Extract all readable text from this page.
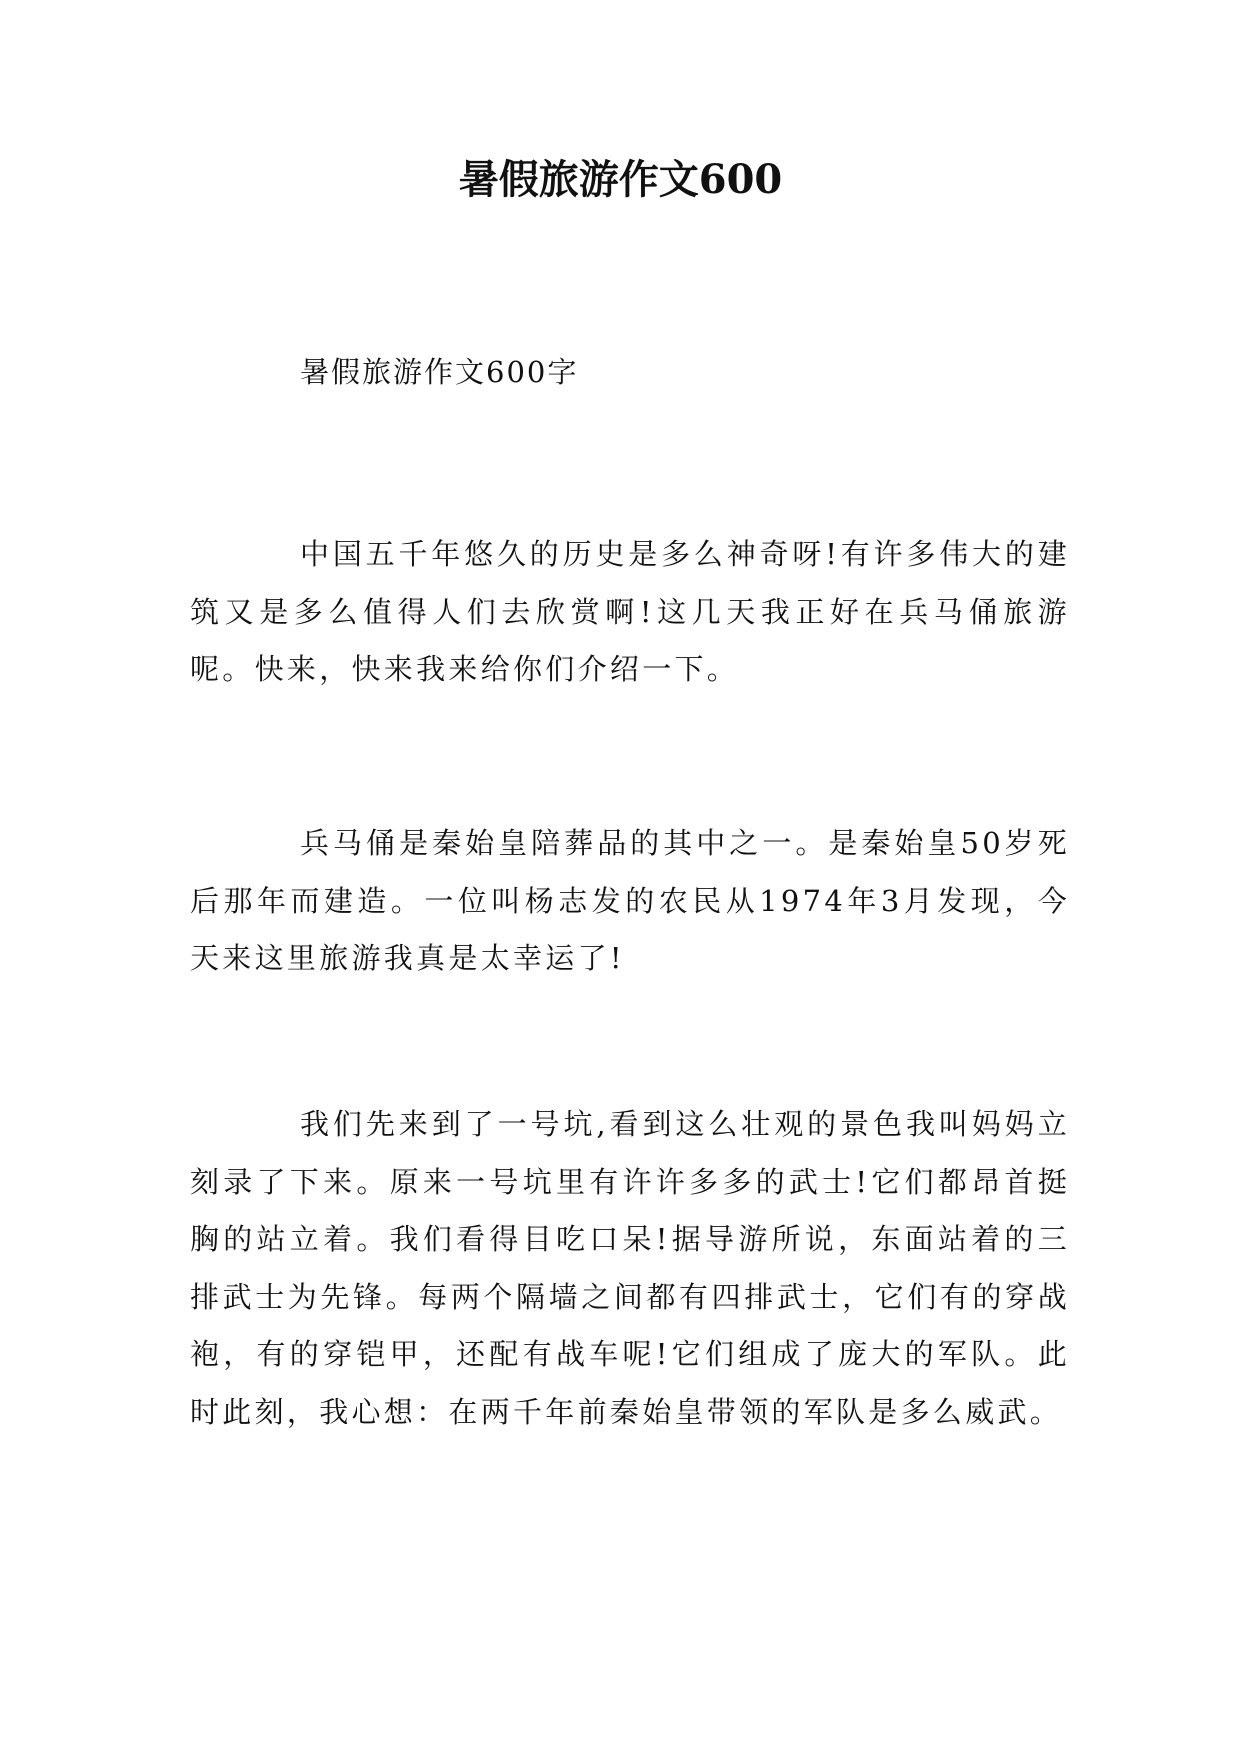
暑假旅游作文600

暑假旅游作文600字

中国五千年悠久的历史是多么神奇呀!有许多伟大的建筑又是多么值得人们去欣赏啊!这几天我正好在兵马俑旅游呢。快来，快来我来给你们介绍一下。

兵马俑是秦始皇陪葬品的其中之一。是秦始皇50岁死后那年而建造。一位叫杨志发的农民从1974年3月发现，今天来这里旅游我真是太幸运了!

我们先来到了一号坑,看到这么壮观的景色我叫妈妈立刻录了下来。原来一号坑里有许许多多的武士!它们都昂首挺胸的站立着。我们看得目吃口呆!据导游所说，东面站着的三排武士为先锋。每两个隔墙之间都有四排武士，它们有的穿战袍，有的穿铠甲，还配有战车呢!它们组成了庞大的军队。此时此刻，我心想：在两千年前秦始皇带领的军队是多么威武。
